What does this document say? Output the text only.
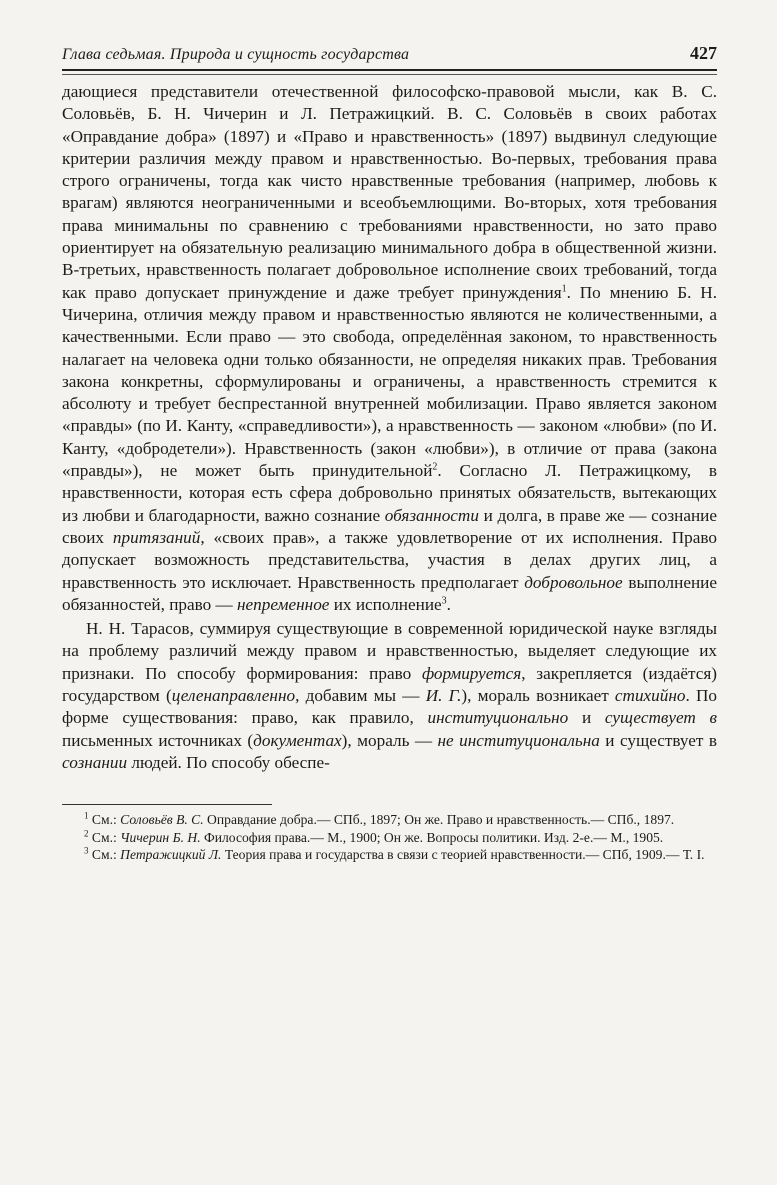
Глава седьмая. Природа и сущность государства	427

дающиеся представители отечественной философско-правовой мысли, как В. С. Соловьёв, Б. Н. Чичерин и Л. Петражицкий. В. С. Соловьёв в своих работах «Оправдание добра» (1897) и «Право и нравственность» (1897) выдвинул следующие критерии различия между правом и нравственностью. Во-первых, требования права строго ограничены, тогда как чисто нравственные требования (например, любовь к врагам) являются неограниченными и всеобъемлющими. Во-вторых, хотя требования права минимальны по сравнению с требованиями нравственности, но зато право ориентирует на обязательную реализацию минимального добра в общественной жизни. В-третьих, нравственность полагает добровольное исполнение своих требований, тогда как право допускает принуждение и даже требует принуждения$^1$. По мнению Б. Н. Чичерина, отличия между правом и нравственностью являются не количественными, а качественными. Если право — это свобода, определённая законом, то нравственность налагает на человека одни только обязанности, не определяя никаких прав. Требования закона конкретны, сформулированы и ограничены, а нравственность стремится к абсолюту и требует беспрестанной внутренней мобилизации. Право является законом «правды» (по И. Канту, «справедливости»), а нравственность — законом «любви» (по И. Канту, «добродетели»). Нравственность (закон «любви»), в отличие от права (закона «правды»), не может быть принудительной$^2$. Согласно Л. Петражицкому, в нравственности, которая есть сфера добровольно принятых обязательств, вытекающих из любви и благодарности, важно сознание обязанности и долга, в праве же — сознание своих притязаний, «своих прав», а также удовлетворение от их исполнения. Право допускает возможность представительства, участия в делах других лиц, а нравственность это исключает. Нравственность предполагает добровольное выполнение обязанностей, право — непременное их исполнение$^3$.

Н. Н. Тарасов, суммируя существующие в современной юридической науке взгляды на проблему различий между правом и нравственностью, выделяет следующие их признаки. По способу формирования: право формируется, закрепляется (издаётся) государством (целенаправленно, добавим мы — И. Г.), мораль возникает стихийно. По форме существования: право, как правило, институционально и существует в письменных источниках (документах), мораль — не институциональна и существует в сознании людей. По способу обеспе-

$^1$ См.: Соловьёв В. С. Оправдание добра.— СПб., 1897; Он же. Право и нравственность.— СПб., 1897.

$^2$ См.: Чичерин Б. Н. Философия права.— М., 1900; Он же. Вопросы политики. Изд. 2-е.— М., 1905.

$^3$ См.: Петражицкий Л. Теория права и государства в связи с теорией нравственности.— СПб, 1909.— Т. I.
